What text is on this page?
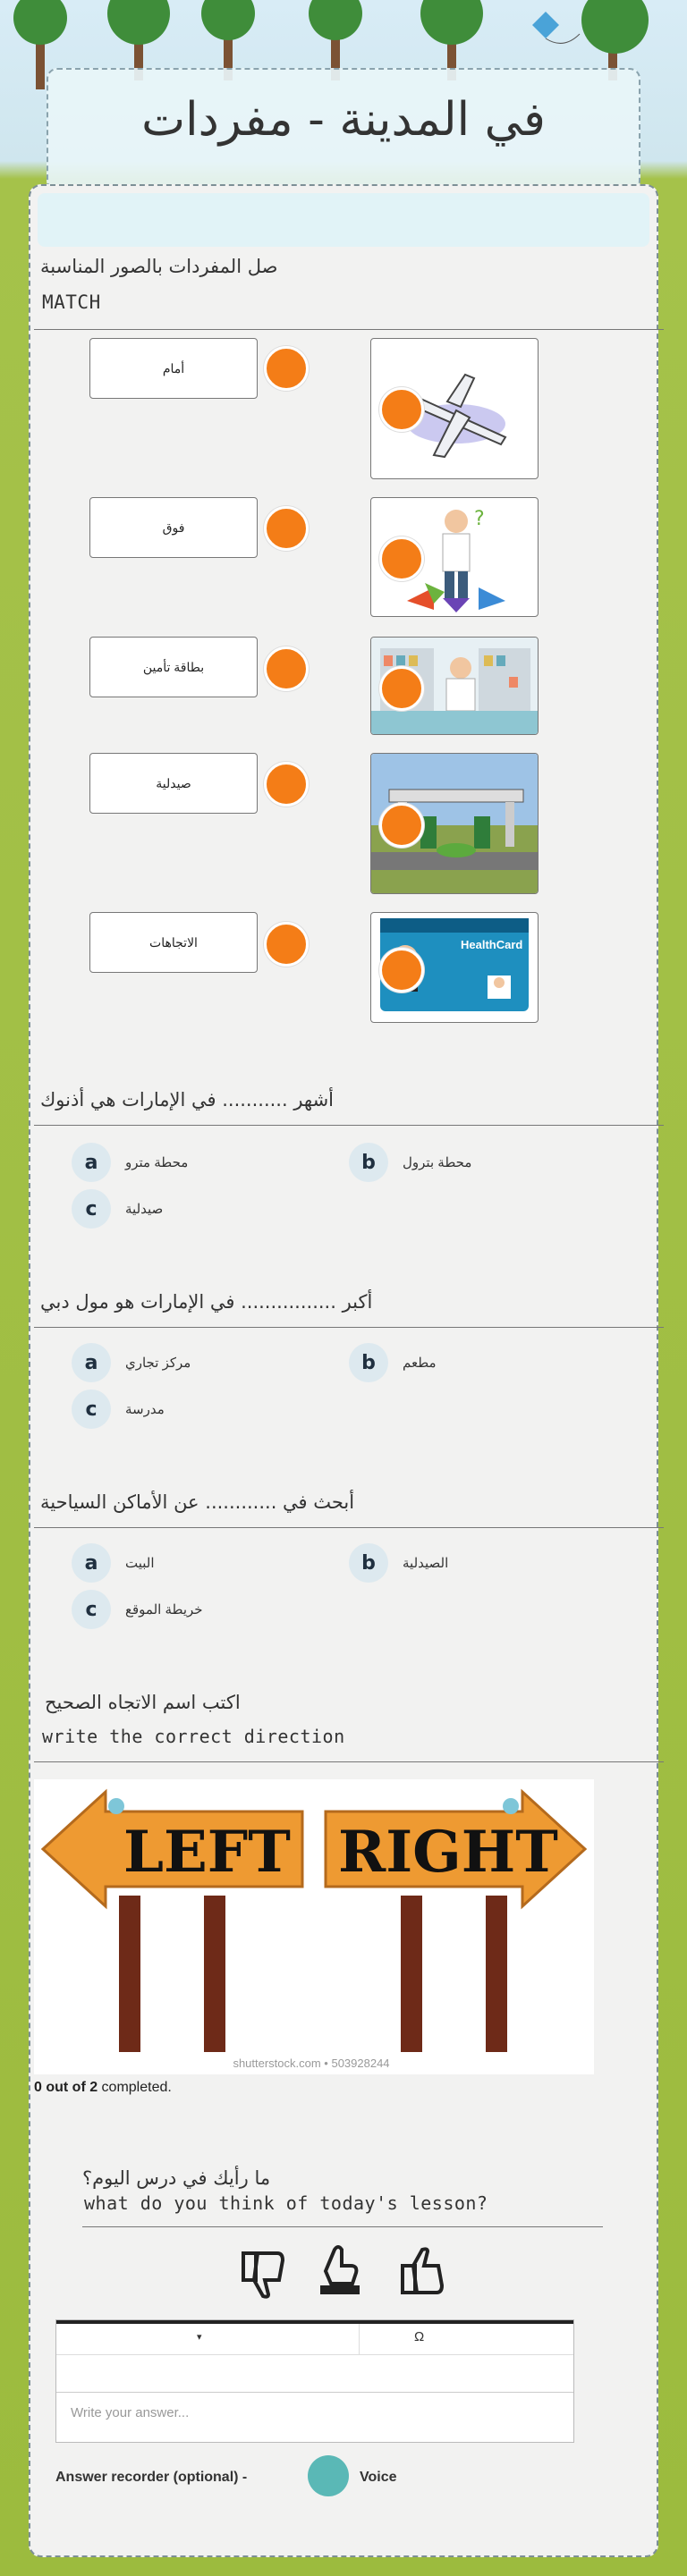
في المدينة - مفردات
صل المفردات بالصور المناسبة
MATCH
أمام
فوق
بطاقة تأمين
صيدلية
الاتجاهات
?
HealthCard
أشهر ........... في الإمارات هي أذنوك
a	محطة مترو	b	محطة بترول
c	صيدلية
أكبر ................ في الإمارات هو مول دبي
a	مركز تجاري	b	مطعم
c	مدرسة
أبحث في ............ عن الأماكن السياحية
a	البيت	b	الصيدلية
c	خريطة الموقع
اكتب اسم الاتجاه الصحيح
write the correct direction
shutterstock.com • 503928244
LEFT RIGHT
0 out of 2 completed.
ما رأيك في درس اليوم؟
what do you think of today's lesson?
▾	Ω
Write your answer...
Answer recorder (optional) -	Voice
